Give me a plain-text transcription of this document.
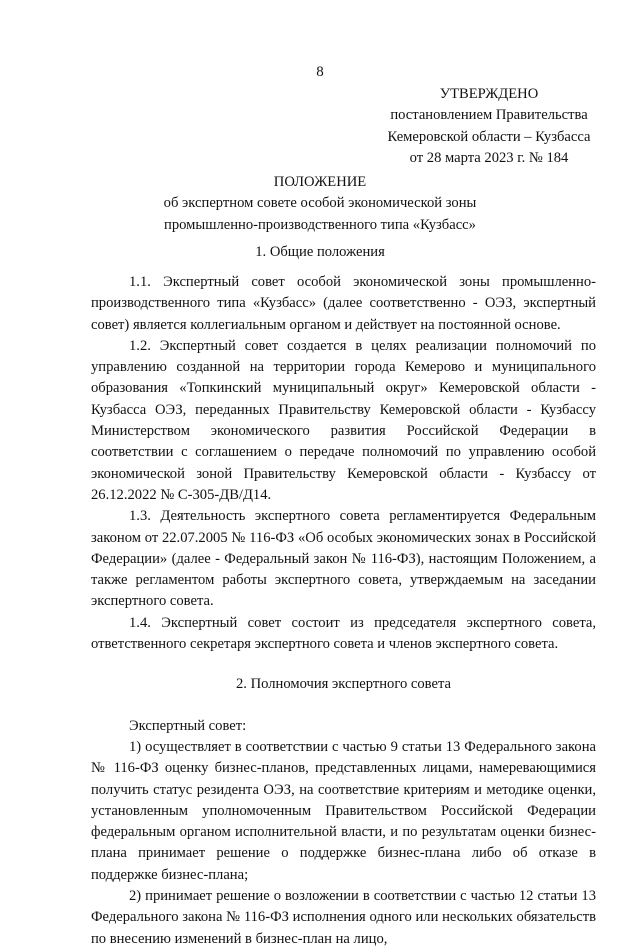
8
УТВЕРЖДЕНО
постановлением Правительства
Кемеровской области – Кузбасса
от 28 марта 2023 г. № 184
ПОЛОЖЕНИЕ
об экспертном совете особой экономической зоны
промышленно-производственного типа «Кузбасс»
1. Общие положения

1.1. Экспертный совет особой экономической зоны промышленно-производственного типа «Кузбасс» (далее соответственно - ОЭЗ, экспертный совет) является коллегиальным органом и действует на постоянной основе.

1.2. Экспертный совет создается в целях реализации полномочий по управлению созданной на территории города Кемерово и муниципального образования «Топкинский муниципальный округ» Кемеровской области - Кузбасса ОЭЗ, переданных Правительству Кемеровской области - Кузбассу Министерством экономического развития Российской Федерации в соответствии с соглашением о передаче полномочий по управлению особой экономической зоной Правительству Кемеровской области - Кузбассу от 26.12.2022 № С-305-ДВ/Д14.

1.3. Деятельность экспертного совета регламентируется Федеральным законом от 22.07.2005 № 116-ФЗ «Об особых экономических зонах в Российской Федерации» (далее - Федеральный закон № 116-ФЗ), настоящим Положением, а также регламентом работы экспертного совета, утверждаемым на заседании экспертного совета.

1.4. Экспертный совет состоит из председателя экспертного совета, ответственного секретаря экспертного совета и членов экспертного совета.

2. Полномочия экспертного совета

Экспертный совет:

1) осуществляет в соответствии с частью 9 статьи 13 Федерального закона № 116-ФЗ оценку бизнес-планов, представленных лицами, намеревающимися получить статус резидента ОЭЗ, на соответствие критериям и методике оценки, установленным уполномоченным Правительством Российской Федерации федеральным органом исполнительной власти, и по результатам оценки бизнес-плана принимает решение о поддержке бизнес-плана либо об отказе в поддержке бизнес-плана;

2) принимает решение о возложении в соответствии с частью 12 статьи 13 Федерального закона № 116-ФЗ исполнения одного или нескольких обязательств по внесению изменений в бизнес-план на лицо,
